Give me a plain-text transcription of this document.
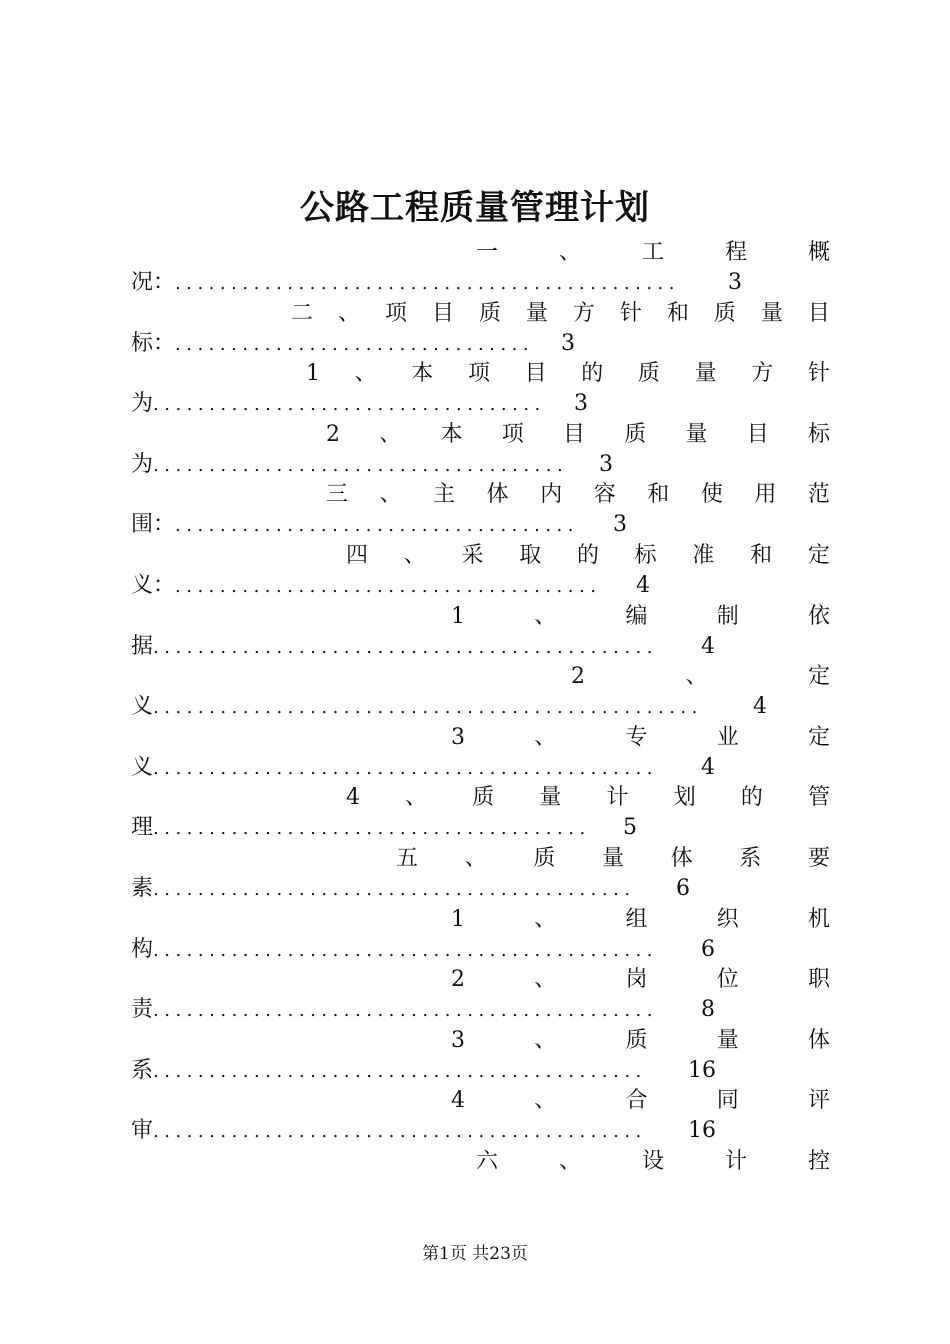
公路工程质量管理计划
一	、	工	程	概
况：............................................. 3
二 、 项 目 质 量 方 针 和 质 量 目
标：................................ 3
1 、 本 项 目 的 质 量 方 针
为................................... 3
2 、 本 项 目 质 量 目 标
为..................................... 3
三 、 主 体 内 容 和 使 用 范
围：.................................... 3
四 、 采 取 的 标 准 和 定
义：...................................... 4
1	、	编	制	依
据............................................. 4
2	、	定
义................................................. 4
3	、	专	业	定
义............................................. 4
4 、 质 量 计 划 的 管
理....................................... 5
五 、 质 量 体 系 要
素........................................... 6
1	、	组	织	机
构............................................. 6
2	、	岗	位	职
责............................................. 8
3	、	质	量	体
系............................................ 16
4	、	合	同	评
审............................................ 16
六	、	设	计	控
第1页 共23页
